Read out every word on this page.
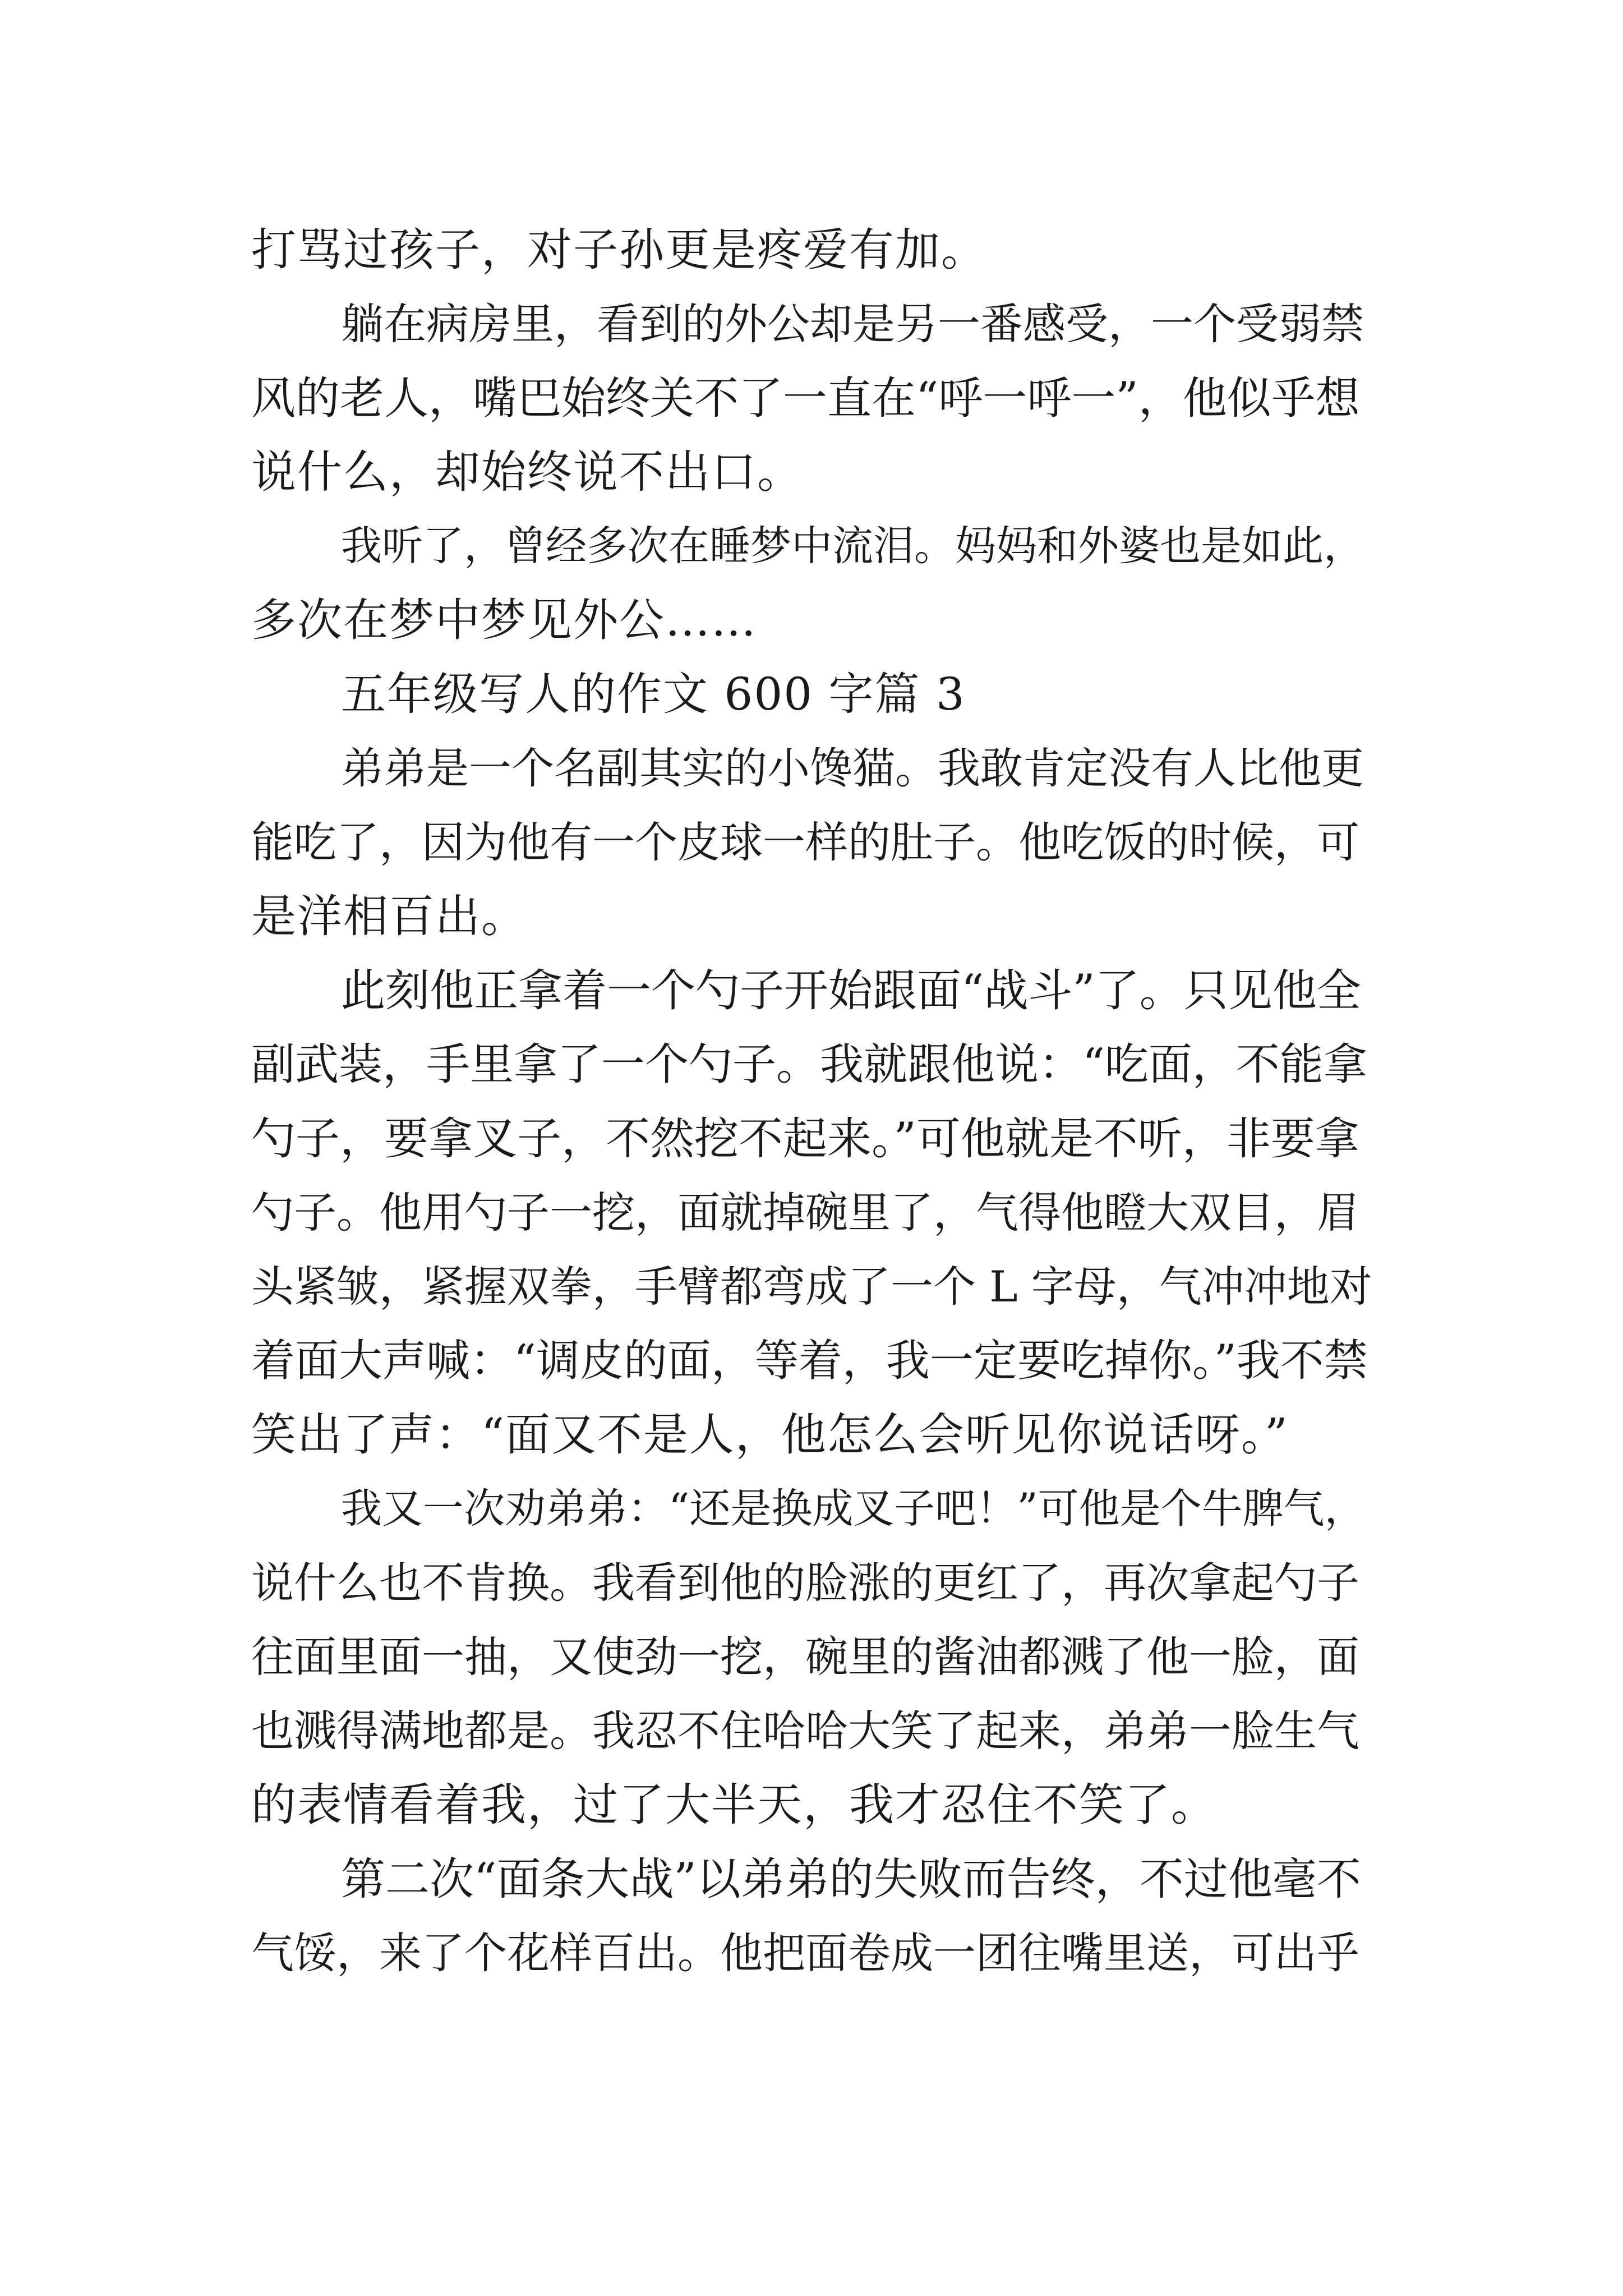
打骂过孩子，对子孙更是疼爱有加。
躺在病房里，看到的外公却是另一番感受，一个受弱禁
风的老人，嘴巴始终关不了一直在“呼一呼一”，他似乎想
说什么，却始终说不出口。
我听了，曾经多次在睡梦中流泪。妈妈和外婆也是如此，
多次在梦中梦见外公……
五年级写人的作文 600 字篇 3
弟弟是一个名副其实的小馋猫。我敢肯定没有人比他更
能吃了，因为他有一个皮球一样的肚子。他吃饭的时候，可
是洋相百出。
此刻他正拿着一个勺子开始跟面“战斗”了。只见他全
副武装，手里拿了一个勺子。我就跟他说：“吃面，不能拿
勺子，要拿叉子，不然挖不起来。”可他就是不听，非要拿
勺子。他用勺子一挖，面就掉碗里了，气得他瞪大双目，眉
头紧皱，紧握双拳，手臂都弯成了一个 L 字母，气冲冲地对
着面大声喊：“调皮的面，等着，我一定要吃掉你。”我不禁
笑出了声：“面又不是人，他怎么会听见你说话呀。”
我又一次劝弟弟：“还是换成叉子吧！”可他是个牛脾气，
说什么也不肯换。我看到他的脸涨的更红了，再次拿起勺子
往面里面一抽，又使劲一挖，碗里的酱油都溅了他一脸，面
也溅得满地都是。我忍不住哈哈大笑了起来，弟弟一脸生气
的表情看着我，过了大半天，我才忍住不笑了。
第二次“面条大战”以弟弟的失败而告终，不过他毫不
气馁，来了个花样百出。他把面卷成一团往嘴里送，可出乎
